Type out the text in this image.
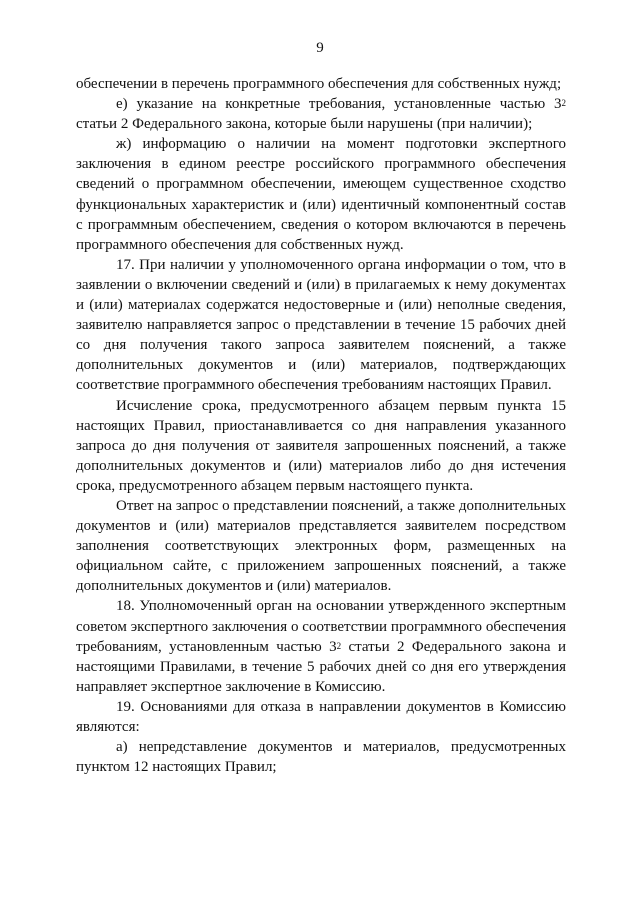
9

обеспечении в перечень программного обеспечения для собственных нужд;

е) указание на конкретные требования, установленные частью $3^2$ статьи 2 Федерального закона, которые были нарушены (при наличии);

ж) информацию о наличии на момент подготовки экспертного заключения в едином реестре российского программного обеспечения сведений о программном обеспечении, имеющем существенное сходство функциональных характеристик и (или) идентичный компонентный состав с программным обеспечением, сведения о котором включаются в перечень программного обеспечения для собственных нужд.

17. При наличии у уполномоченного органа информации о том, что в заявлении о включении сведений и (или) в прилагаемых к нему документах и (или) материалах содержатся недостоверные и (или) неполные сведения, заявителю направляется запрос о представлении в течение 15 рабочих дней со дня получения такого запроса заявителем пояснений, а также дополнительных документов и (или) материалов, подтверждающих соответствие программного обеспечения требованиям настоящих Правил.

Исчисление срока, предусмотренного абзацем первым пункта 15 настоящих Правил, приостанавливается со дня направления указанного запроса до дня получения от заявителя запрошенных пояснений, а также дополнительных документов и (или) материалов либо до дня истечения срока, предусмотренного абзацем первым настоящего пункта.

Ответ на запрос о представлении пояснений, а также дополнительных документов и (или) материалов представляется заявителем посредством заполнения соответствующих электронных форм, размещенных на официальном сайте, с приложением запрошенных пояснений, а также дополнительных документов и (или) материалов.

18. Уполномоченный орган на основании утвержденного экспертным советом экспертного заключения о соответствии программного обеспечения требованиям, установленным частью $3^2$ статьи 2 Федерального закона и настоящими Правилами, в течение 5 рабочих дней со дня его утверждения направляет экспертное заключение в Комиссию.

19. Основаниями для отказа в направлении документов в Комиссию являются:

а) непредставление документов и материалов, предусмотренных пунктом 12 настоящих Правил;
